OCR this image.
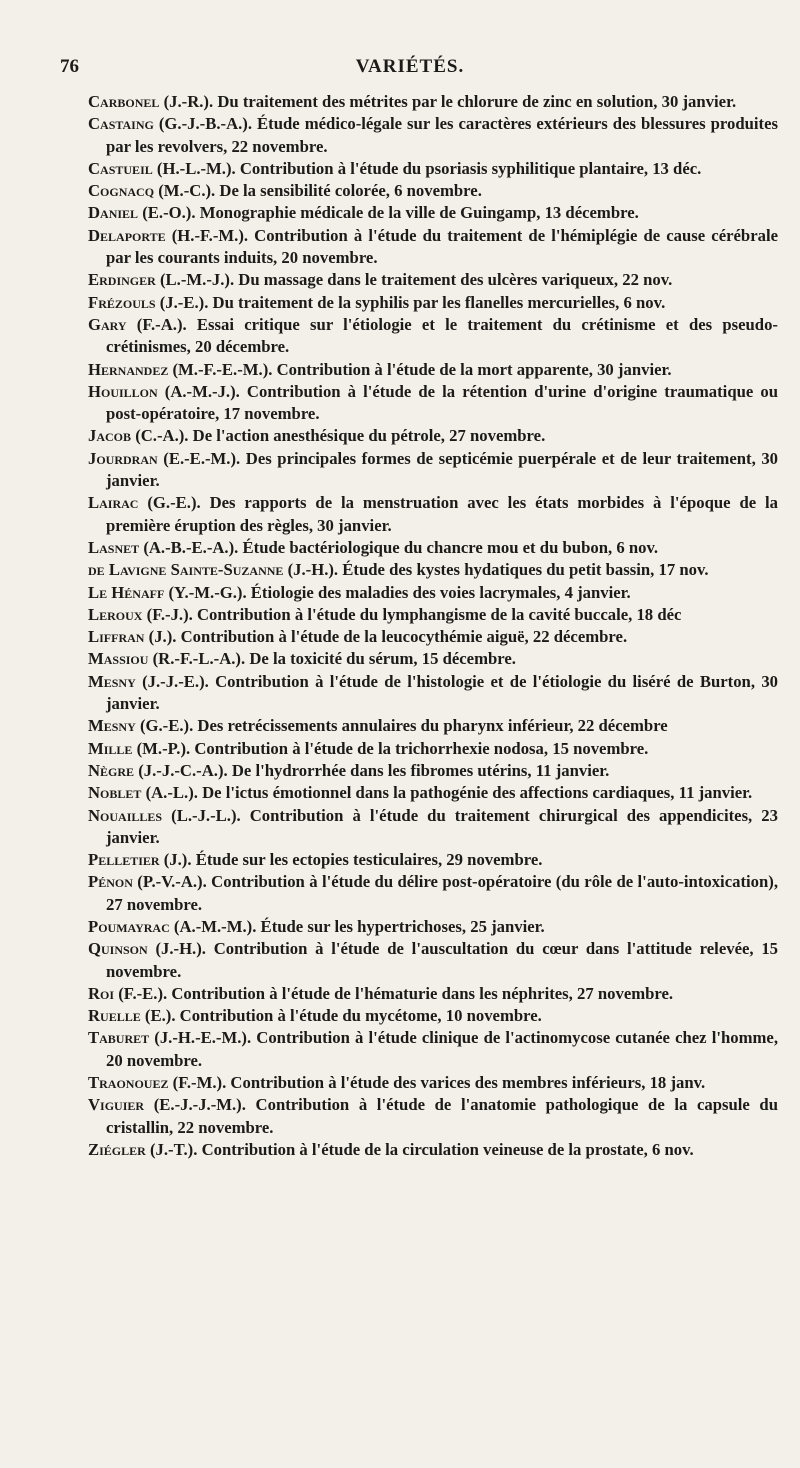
76	VARIÉTÉS.

Carbonel (J.-R.). Du traitement des métrites par le chlorure de zinc en solution, 30 janvier.

Castaing (G.-J.-B.-A.). Étude médico-légale sur les caractères extérieurs des blessures produites par les revolvers, 22 novembre.

Castueil (H.-L.-M.). Contribution à l'étude du psoriasis syphilitique plantaire, 13 déc.

Cognacq (M.-C.). De la sensibilité colorée, 6 novembre.

Daniel (E.-O.). Monographie médicale de la ville de Guingamp, 13 décembre.

Delaporte (H.-F.-M.). Contribution à l'étude du traitement de l'hémiplégie de cause cérébrale par les courants induits, 20 novembre.

Erdinger (L.-M.-J.). Du massage dans le traitement des ulcères variqueux, 22 nov.

Frézouls (J.-E.). Du traitement de la syphilis par les flanelles mercurielles, 6 nov.

Gary (F.-A.). Essai critique sur l'étiologie et le traitement du crétinisme et des pseudo-crétinismes, 20 décembre.

Hernandez (M.-F.-E.-M.). Contribution à l'étude de la mort apparente, 30 janvier.

Houillon (A.-M.-J.). Contribution à l'étude de la rétention d'urine d'origine traumatique ou post-opératoire, 17 novembre.

Jacob (C.-A.). De l'action anesthésique du pétrole, 27 novembre.

Jourdran (E.-E.-M.). Des principales formes de septicémie puerpérale et de leur traitement, 30 janvier.

Lairac (G.-E.). Des rapports de la menstruation avec les états morbides à l'époque de la première éruption des règles, 30 janvier.

Lasnet (A.-B.-E.-A.). Étude bactériologique du chancre mou et du bubon, 6 nov.

de Lavigne Sainte-Suzanne (J.-H.). Étude des kystes hydatiques du petit bassin, 17 nov.

Le Hénaff (Y.-M.-G.). Étiologie des maladies des voies lacrymales, 4 janvier.

Leroux (F.-J.). Contribution à l'étude du lymphangisme de la cavité buccale, 18 déc

Liffran (J.). Contribution à l'étude de la leucocythémie aiguë, 22 décembre.

Massiou (R.-F.-L.-A.). De la toxicité du sérum, 15 décembre.

Mesny (J.-J.-E.). Contribution à l'étude de l'histologie et de l'étiologie du liséré de Burton, 30 janvier.

Mesny (G.-E.). Des retrécissements annulaires du pharynx inférieur, 22 décembre

Mille (M.-P.). Contribution à l'étude de la trichorrhexie nodosa, 15 novembre.

Nègre (J.-J.-C.-A.). De l'hydrorrhée dans les fibromes utérins, 11 janvier.

Noblet (A.-L.). De l'ictus émotionnel dans la pathogénie des affections cardiaques, 11 janvier.

Nouailles (L.-J.-L.). Contribution à l'étude du traitement chirurgical des appendicites, 23 janvier.

Pelletier (J.). Étude sur les ectopies testiculaires, 29 novembre.

Pénon (P.-V.-A.). Contribution à l'étude du délire post-opératoire (du rôle de l'auto-intoxication), 27 novembre.

Poumayrac (A.-M.-M.). Étude sur les hypertrichoses, 25 janvier.

Quinson (J.-H.). Contribution à l'étude de l'auscultation du cœur dans l'attitude relevée, 15 novembre.

Roi (F.-E.). Contribution à l'étude de l'hématurie dans les néphrites, 27 novembre.

Ruelle (E.). Contribution à l'étude du mycétome, 10 novembre.

Taburet (J.-H.-E.-M.). Contribution à l'étude clinique de l'actinomycose cutanée chez l'homme, 20 novembre.

Traonouez (F.-M.). Contribution à l'étude des varices des membres inférieurs, 18 janv.

Viguier (E.-J.-J.-M.). Contribution à l'étude de l'anatomie pathologique de la capsule du cristallin, 22 novembre.

Ziégler (J.-T.). Contribution à l'étude de la circulation veineuse de la prostate, 6 nov.
